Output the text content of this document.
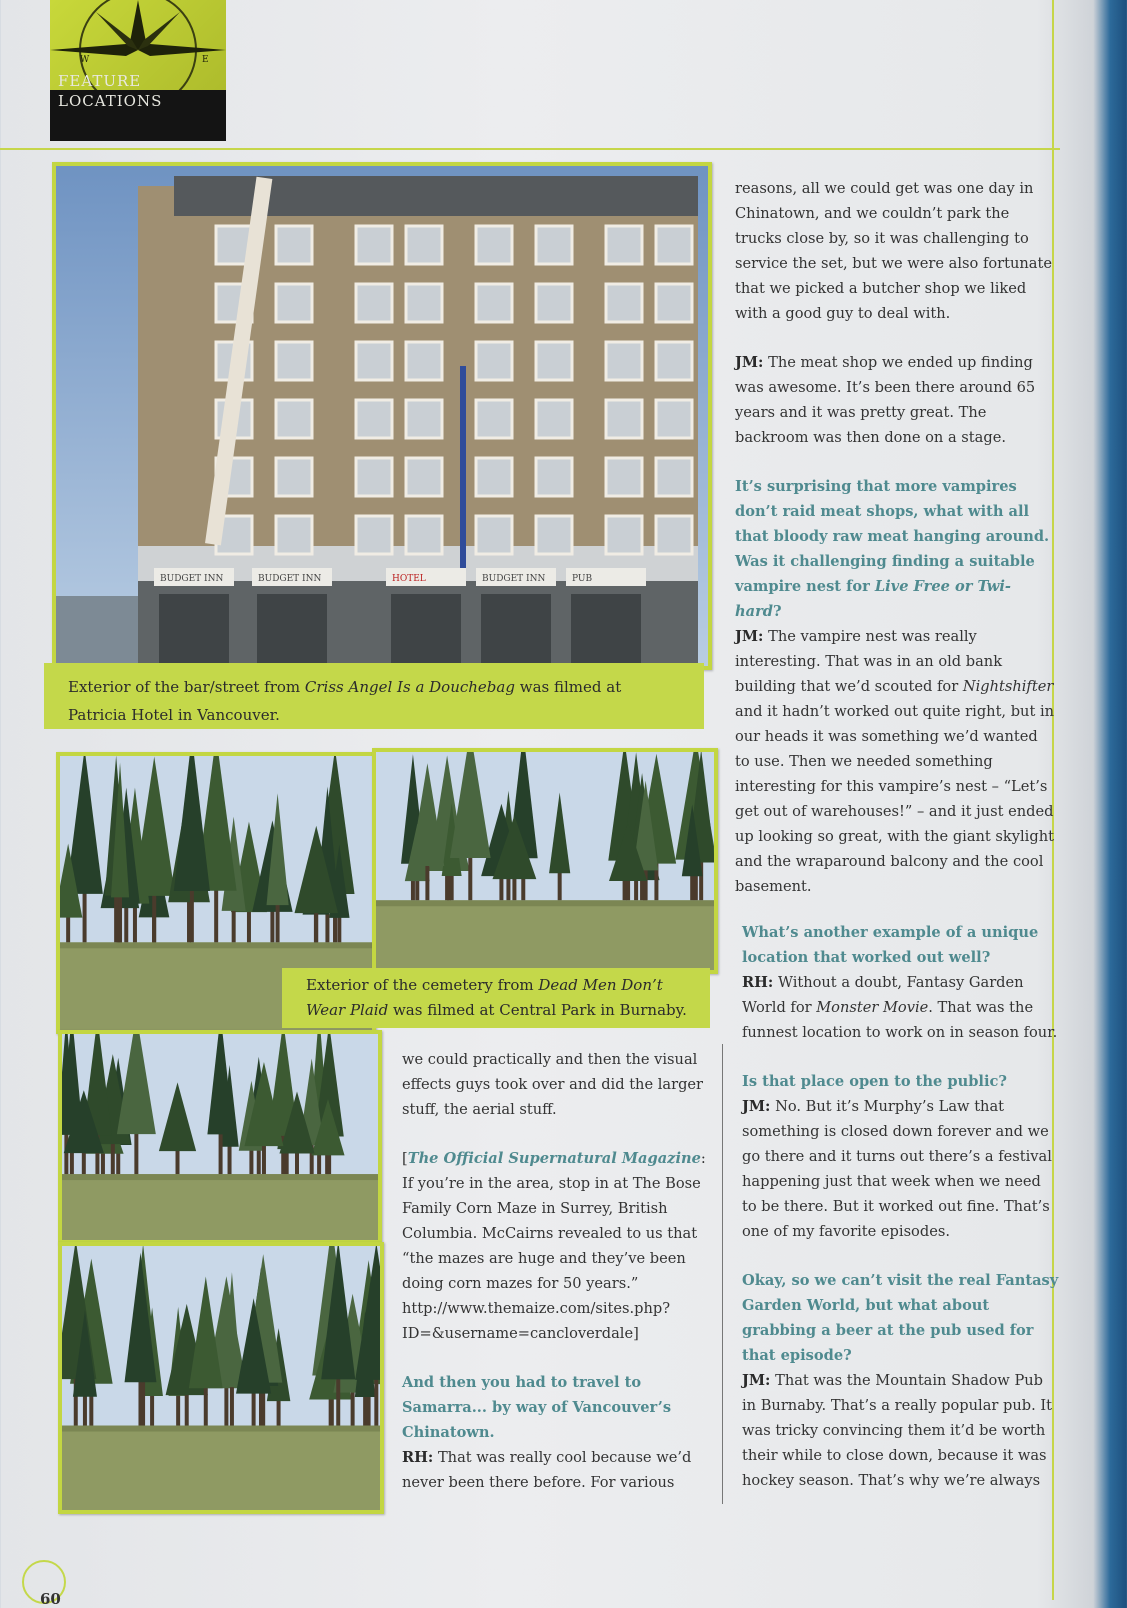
W	E
FEATURE
LOCATIONS
BUDGET INN	BUDGET INN	HOTEL	BUDGET INN	PUB
Exterior of the bar/street from Criss Angel Is a Douchebag was filmed at Patricia Hotel in Vancouver.
Exterior of the cemetery from Dead Men Don’t Wear Plaid was filmed at Central Park in Burnaby.

we could practically and then the visual effects guys took over and did the larger stuff, the aerial stuff.

[The Official Supernatural Magazine: If you’re in the area, stop in at The Bose Family Corn Maze in Surrey, British Columbia. McCairns revealed to us that “the mazes are huge and they’ve been doing corn mazes for 50 years.” http://www.themaize.com/sites.php?ID=&username=cancloverdale]

And then you had to travel to Samarra... by way of Vancouver’s Chinatown.

RH: That was really cool because we’d never been there before. For various

reasons, all we could get was one day in Chinatown, and we couldn’t park the trucks close by, so it was challenging to service the set, but we were also fortunate that we picked a butcher shop we liked with a good guy to deal with.

JM: The meat shop we ended up finding was awesome. It’s been there around 65 years and it was pretty great. The backroom was then done on a stage.

It’s surprising that more vampires don’t raid meat shops, what with all that bloody raw meat hanging around. Was it challenging finding a suitable vampire nest for Live Free or Twi-hard?

JM: The vampire nest was really interesting. That was in an old bank building that we’d scouted for Nightshifter and it hadn’t worked out quite right, but in our heads it was something we’d wanted to use. Then we needed something interesting for this vampire’s nest – “Let’s get out of warehouses!” – and it just ended up looking so great, with the giant skylight and the wraparound balcony and the cool basement.

What’s another example of a unique location that worked out well?

RH: Without a doubt, Fantasy Garden World for Monster Movie. That was the funnest location to work on in season four.

Is that place open to the public?

JM: No. But it’s Murphy’s Law that something is closed down forever and we go there and it turns out there’s a festival happening just that week when we need to be there. But it worked out fine. That’s one of my favorite episodes.

Okay, so we can’t visit the real Fantasy Garden World, but what about grabbing a beer at the pub used for that episode?

JM: That was the Mountain Shadow Pub in Burnaby. That’s a really popular pub. It was tricky convincing them it’d be worth their while to close down, because it was hockey season. That’s why we’re always

60
